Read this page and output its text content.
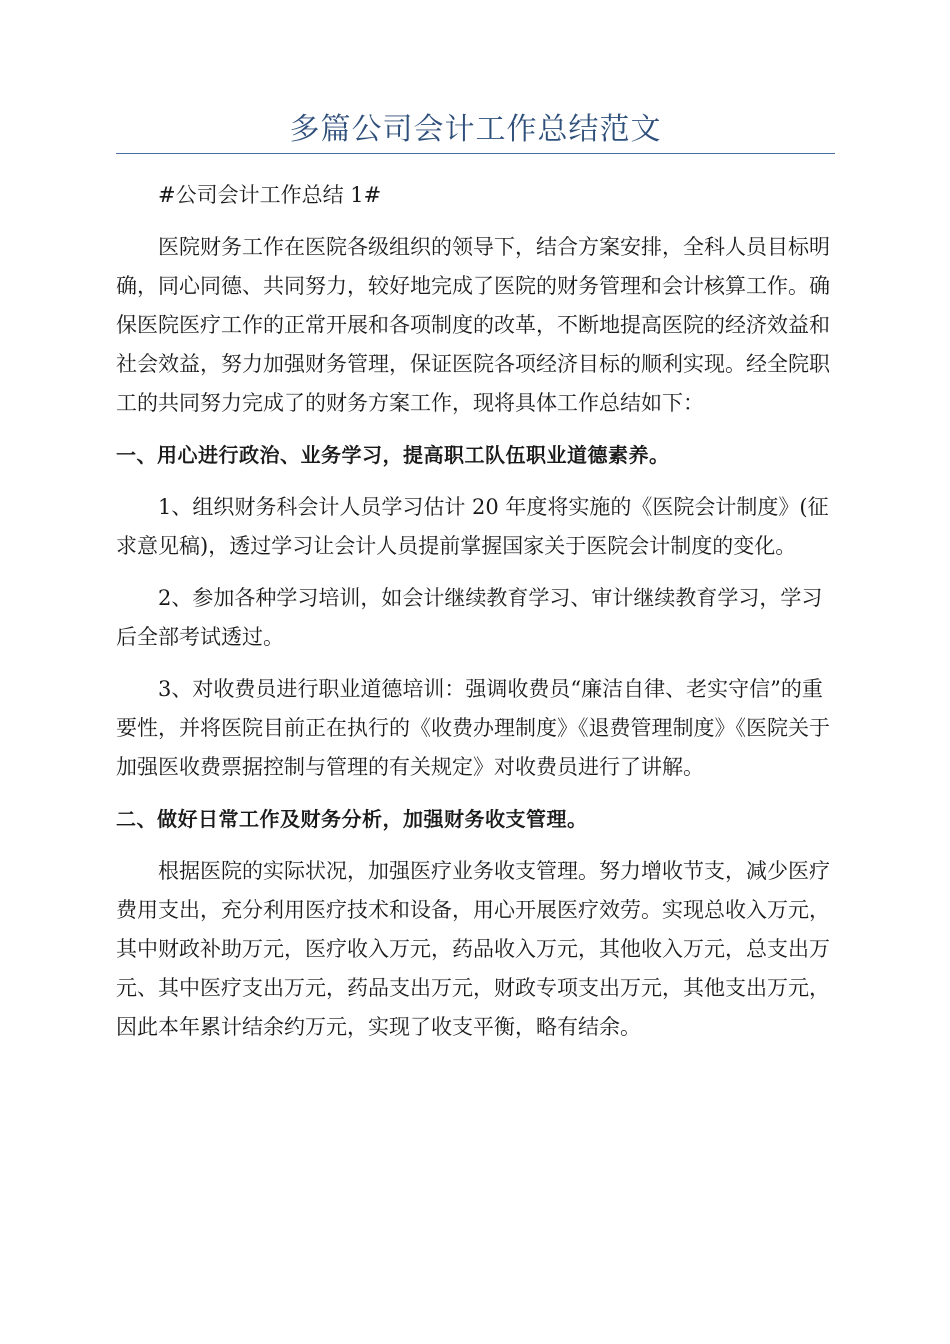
多篇公司会计工作总结范文

#公司会计工作总结 1#

医院财务工作在医院各级组织的领导下，结合方案安排，全科人员目标明确，同心同德、共同努力，较好地完成了医院的财务管理和会计核算工作。确保医院医疗工作的正常开展和各项制度的改革，不断地提高医院的经济效益和社会效益，努力加强财务管理，保证医院各项经济目标的顺利实现。经全院职工的共同努力完成了的财务方案工作，现将具体工作总结如下：

一、用心进行政治、业务学习，提高职工队伍职业道德素养。

1、组织财务科会计人员学习估计 20 年度将实施的《医院会计制度》(征求意见稿)，透过学习让会计人员提前掌握国家关于医院会计制度的变化。

2、参加各种学习培训，如会计继续教育学习、审计继续教育学习，学习后全部考试透过。

3、对收费员进行职业道德培训：强调收费员“廉洁自律、老实守信”的重要性，并将医院目前正在执行的《收费办理制度》《退费管理制度》《医院关于加强医收费票据控制与管理的有关规定》对收费员进行了讲解。

二、做好日常工作及财务分析，加强财务收支管理。

根据医院的实际状况，加强医疗业务收支管理。努力增收节支，减少医疗费用支出，充分利用医疗技术和设备，用心开展医疗效劳。实现总收入万元，其中财政补助万元，医疗收入万元，药品收入万元，其他收入万元，总支出万元、其中医疗支出万元，药品支出万元，财政专项支出万元，其他支出万元，因此本年累计结余约万元，实现了收支平衡，略有结余。
